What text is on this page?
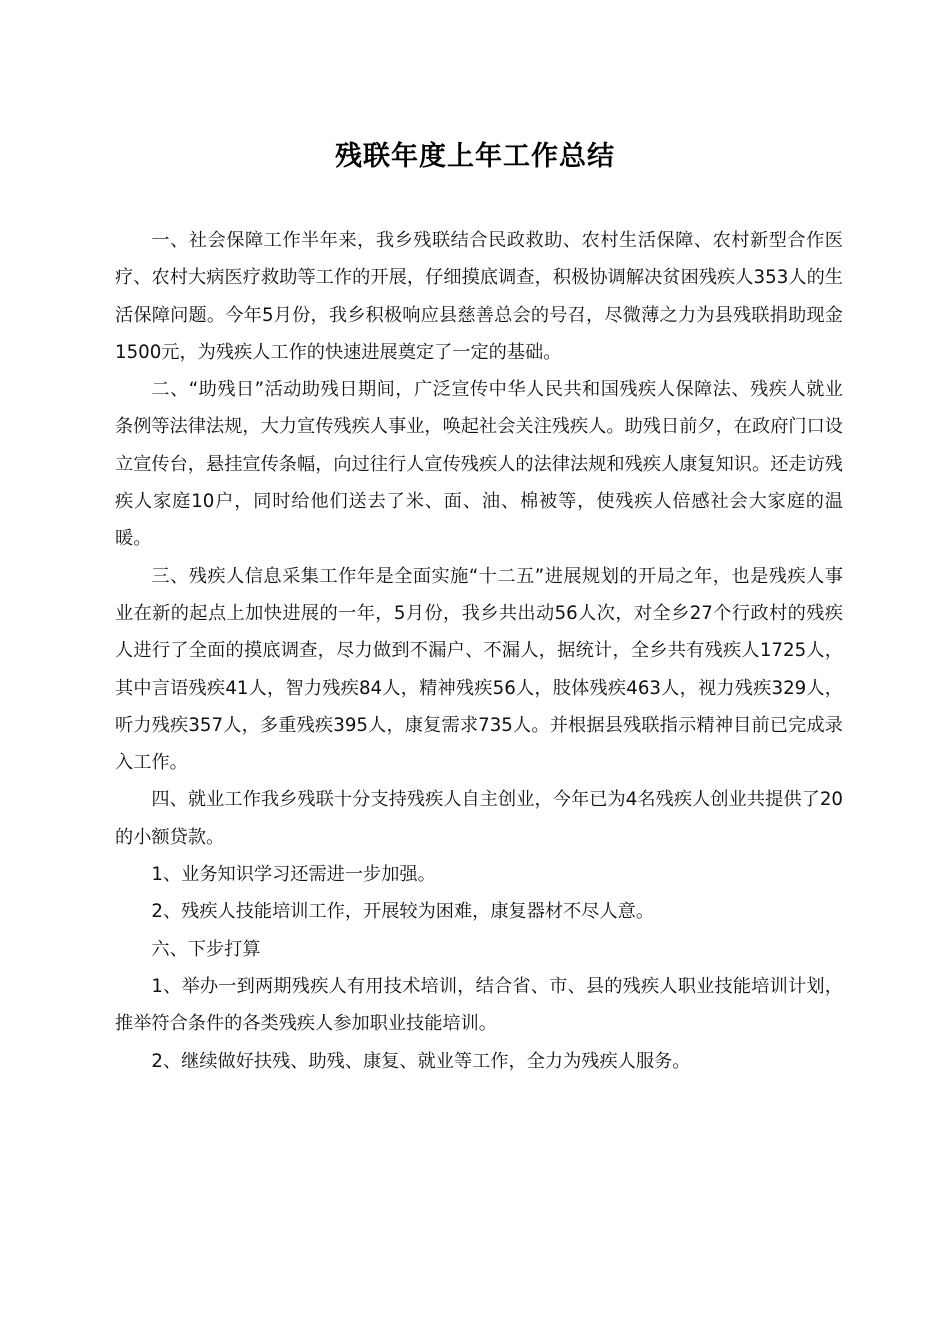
残联年度上年工作总结

一、社会保障工作半年来，我乡残联结合民政救助、农村生活保障、农村新型合作医疗、农村大病医疗救助等工作的开展，仔细摸底调查，积极协调解决贫困残疾人353人的生活保障问题。今年5月份，我乡积极响应县慈善总会的号召，尽微薄之力为县残联捐助现金1500元，为残疾人工作的快速进展奠定了一定的基础。

二、“助残日”活动助残日期间，广泛宣传中华人民共和国残疾人保障法、残疾人就业条例等法律法规，大力宣传残疾人事业，唤起社会关注残疾人。助残日前夕，在政府门口设立宣传台，悬挂宣传条幅，向过往行人宣传残疾人的法律法规和残疾人康复知识。还走访残疾人家庭10户，同时给他们送去了米、面、油、棉被等，使残疾人倍感社会大家庭的温暖。

三、残疾人信息采集工作年是全面实施“十二五”进展规划的开局之年，也是残疾人事业在新的起点上加快进展的一年，5月份，我乡共出动56人次，对全乡27个行政村的残疾人进行了全面的摸底调查，尽力做到不漏户、不漏人，据统计，全乡共有残疾人1725人，其中言语残疾41人，智力残疾84人，精神残疾56人，肢体残疾463人，视力残疾329人，听力残疾357人，多重残疾395人，康复需求735人。并根据县残联指示精神目前已完成录入工作。

四、就业工作我乡残联十分支持残疾人自主创业，今年已为4名残疾人创业共提供了20的小额贷款。

1、业务知识学习还需进一步加强。

2、残疾人技能培训工作，开展较为困难，康复器材不尽人意。

六、下步打算

1、举办一到两期残疾人有用技术培训，结合省、市、县的残疾人职业技能培训计划，推举符合条件的各类残疾人参加职业技能培训。

2、继续做好扶残、助残、康复、就业等工作，全力为残疾人服务。
